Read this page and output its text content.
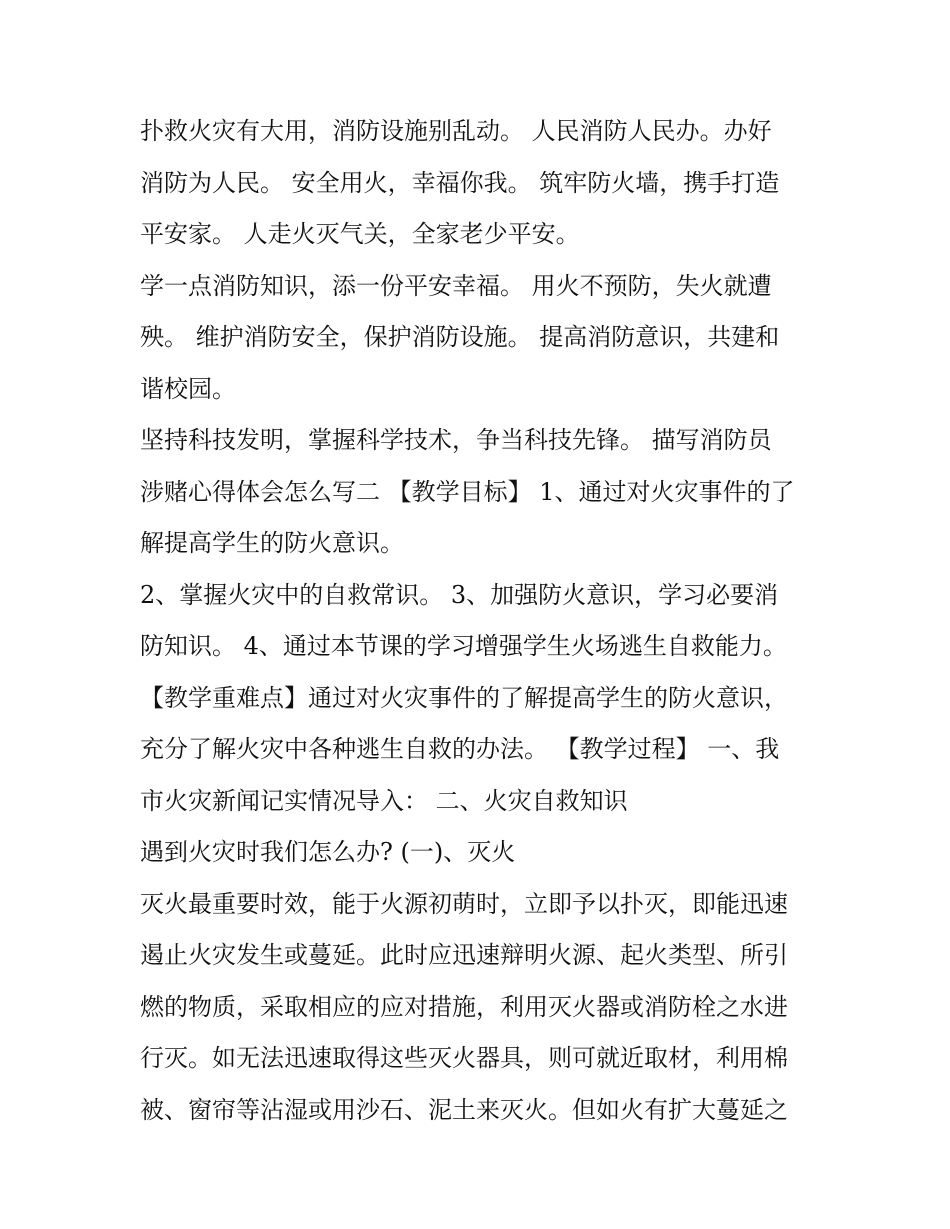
扑救火灾有大用，消防设施别乱动。 人民消防人民办。办好
消防为人民。 安全用火，幸福你我。 筑牢防火墙，携手打造
平安家。 人走火灭气关，全家老少平安。
学一点消防知识，添一份平安幸福。 用火不预防，失火就遭
殃。 维护消防安全，保护消防设施。 提高消防意识，共建和
谐校园。
坚持科技发明，掌握科学技术，争当科技先锋。 描写消防员
涉赌心得体会怎么写二 【教学目标】 1、通过对火灾事件的了
解提高学生的防火意识。
2、掌握火灾中的自救常识。 3、加强防火意识，学习必要消
防知识。 4、通过本节课的学习增强学生火场逃生自救能力。
【教学重难点】通过对火灾事件的了解提高学生的防火意识，
充分了解火灾中各种逃生自救的办法。 【教学过程】 一、我
市火灾新闻记实情况导入： 二、火灾自救知识
遇到火灾时我们怎么办? (一)、灭火
灭火最重要时效，能于火源初萌时，立即予以扑灭，即能迅速
遏止火灾发生或蔓延。此时应迅速辩明火源、起火类型、所引
燃的物质，采取相应的应对措施，利用灭火器或消防栓之水进
行灭。如无法迅速取得这些灭火器具，则可就近取材，利用棉
被、窗帘等沾湿或用沙石、泥土来灭火。但如火有扩大蔓延之
